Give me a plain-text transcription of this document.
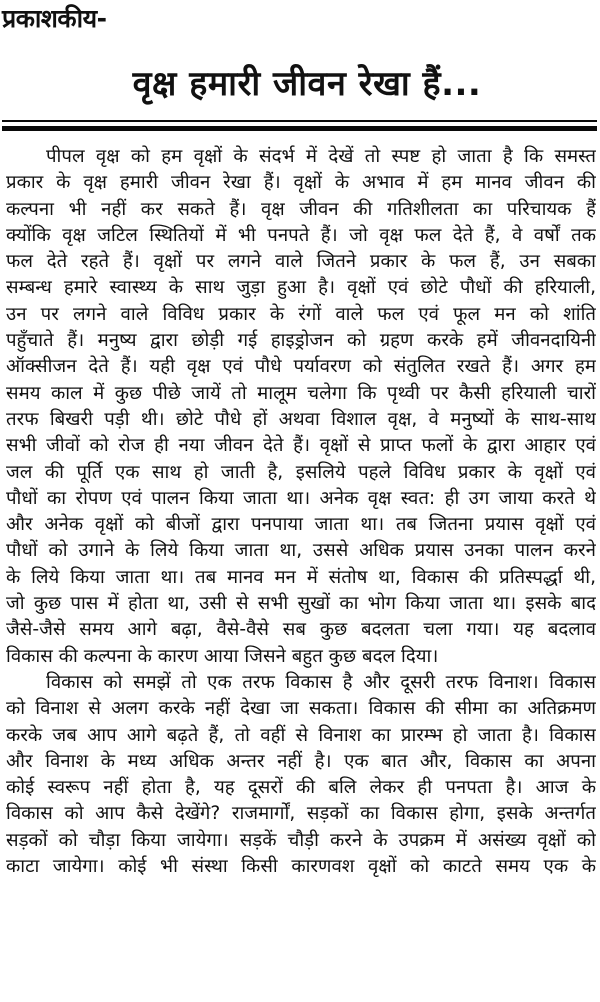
प्रकाशकीय-
वृक्ष हमारी जीवन रेखा हैं...
पीपल वृक्ष को हम वृक्षों के संदर्भ में देखें तो स्पष्ट हो जाता है कि समस्त
प्रकार के वृक्ष हमारी जीवन रेखा हैं। वृक्षों के अभाव में हम मानव जीवन की
कल्पना भी नहीं कर सकते हैं। वृक्ष जीवन की गतिशीलता का परिचायक हैं
क्योंकि वृक्ष जटिल स्थितियों में भी पनपते हैं। जो वृक्ष फल देते हैं, वे वर्षों तक
फल देते रहते हैं। वृक्षों पर लगने वाले जितने प्रकार के फल हैं, उन सबका
सम्बन्ध हमारे स्वास्थ्य के साथ जुड़ा हुआ है। वृक्षों एवं छोटे पौधों की हरियाली,
उन पर लगने वाले विविध प्रकार के रंगों वाले फल एवं फूल मन को शांति
पहुँचाते हैं। मनुष्य द्वारा छोड़ी गई हाइड्रोजन को ग्रहण करके हमें जीवनदायिनी
ऑक्सीजन देते हैं। यही वृक्ष एवं पौधे पर्यावरण को संतुलित रखते हैं। अगर हम
समय काल में कुछ पीछे जायें तो मालूम चलेगा कि पृथ्वी पर कैसी हरियाली चारों
तरफ बिखरी पड़ी थी। छोटे पौधे हों अथवा विशाल वृक्ष, वे मनुष्यों के साथ-साथ
सभी जीवों को रोज ही नया जीवन देते हैं। वृक्षों से प्राप्त फलों के द्वारा आहार एवं
जल की पूर्ति एक साथ हो जाती है, इसलिये पहले विविध प्रकार के वृक्षों एवं
पौधों का रोपण एवं पालन किया जाता था। अनेक वृक्ष स्वत: ही उग जाया करते थे
और अनेक वृक्षों को बीजों द्वारा पनपाया जाता था। तब जितना प्रयास वृक्षों एवं
पौधों को उगाने के लिये किया जाता था, उससे अधिक प्रयास उनका पालन करने
के लिये किया जाता था। तब मानव मन में संतोष था, विकास की प्रतिस्पर्द्धा थी,
जो कुछ पास में होता था, उसी से सभी सुखों का भोग किया जाता था। इसके बाद
जैसे-जैसे समय आगे बढ़ा, वैसे-वैसे सब कुछ बदलता चला गया। यह बदलाव
विकास की कल्पना के कारण आया जिसने बहुत कुछ बदल दिया।
विकास को समझें तो एक तरफ विकास है और दूसरी तरफ विनाश। विकास
को विनाश से अलग करके नहीं देखा जा सकता। विकास की सीमा का अतिक्रमण
करके जब आप आगे बढ़ते हैं, तो वहीं से विनाश का प्रारम्भ हो जाता है। विकास
और विनाश के मध्य अधिक अन्तर नहीं है। एक बात और, विकास का अपना
कोई स्वरूप नहीं होता है, यह दूसरों की बलि लेकर ही पनपता है। आज के
विकास को आप कैसे देखेंगे? राजमार्गों, सड़कों का विकास होगा, इसके अन्तर्गत
सड़कों को चौड़ा किया जायेगा। सड़कें चौड़ी करने के उपक्रम में असंख्य वृक्षों को
काटा जायेगा। कोई भी संस्था किसी कारणवश वृक्षों को काटते समय एक के
